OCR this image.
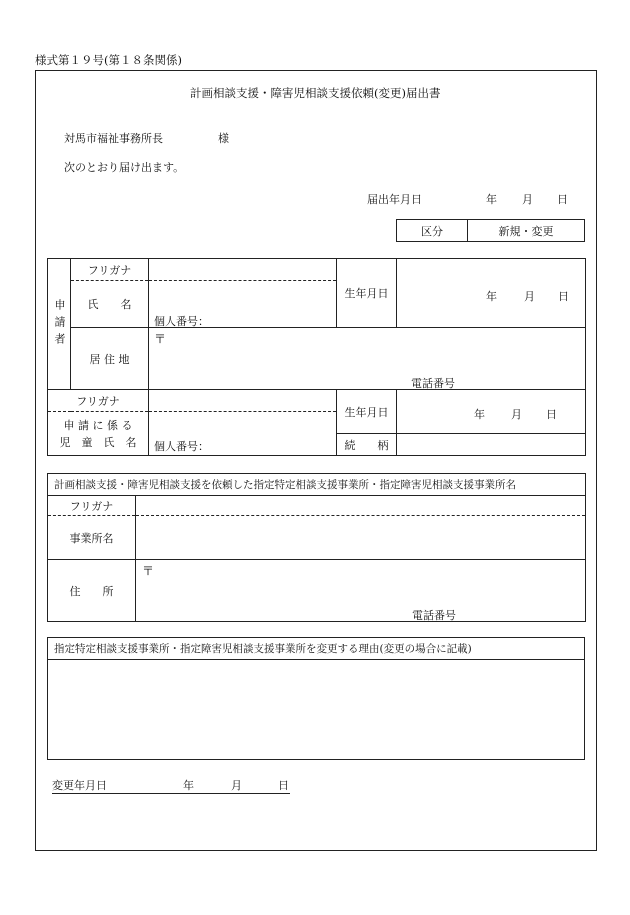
様式第１９号(第１８条関係)
計画相談支援・障害児相談支援依頼(変更)届出書
対馬市福祉事務所長	様
次のとおり届け出ます。
届出年月日	年 月 日
区分	新規・変更
申請者	フリガナ		生年月日	年 月 日

	氏　　名	個人番号：		

	居 住 地	〒
電話番号		

フリガナ			生年月日	年 月 日

申 請 に 係 る
児　童　氏　名		個人番号：		

			続　　柄	
計画相談支援・障害児相談支援を依頼した指定特定相談支援事業所・指定障害児相談支援事業所名	
フリガナ	
事業所名	
住　　所	〒
電話番号
指定特定相談支援事業所・指定障害児相談支援事業所を変更する理由(変更の場合に記載)

変更年月日	年	月	日
